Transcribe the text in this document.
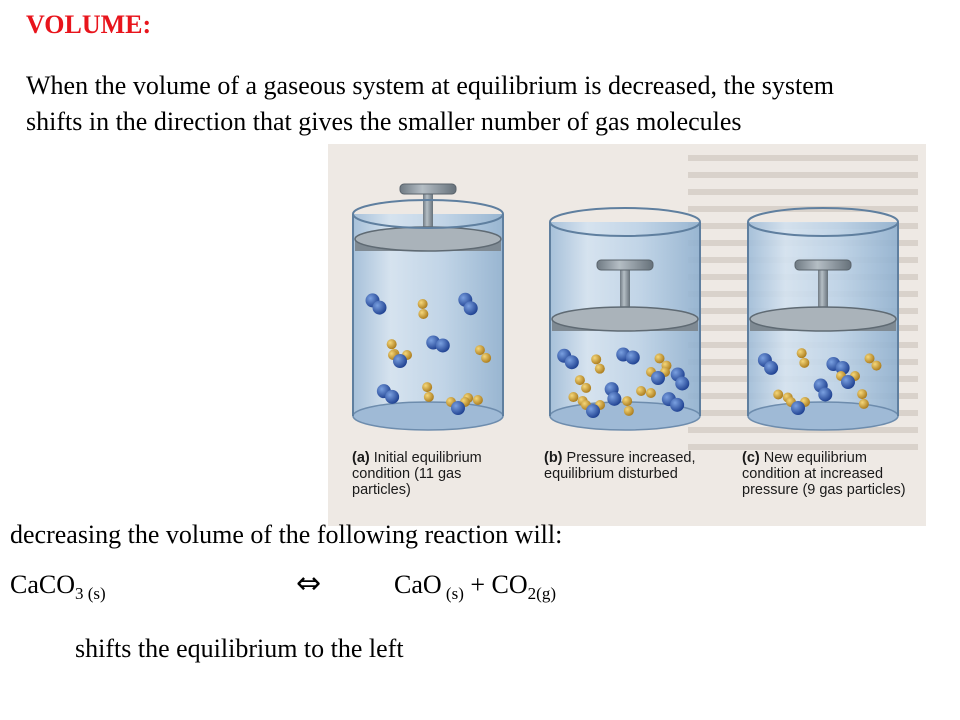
VOLUME:
When the volume of a gaseous system at equilibrium is decreased, the system shifts in the direction that gives the smaller number of gas molecules
(a) Initial equilibrium condition (11 gas particles)
(b) Pressure increased, equilibrium disturbed
(c) New equilibrium condition at increased pressure (9 gas particles)
decreasing the volume of the following reaction will:
CaCO$_3$ $_{(s)}$	⇔	CaO $_{(s)} + CO_{2(g)}$
shifts the equilibrium to the left
